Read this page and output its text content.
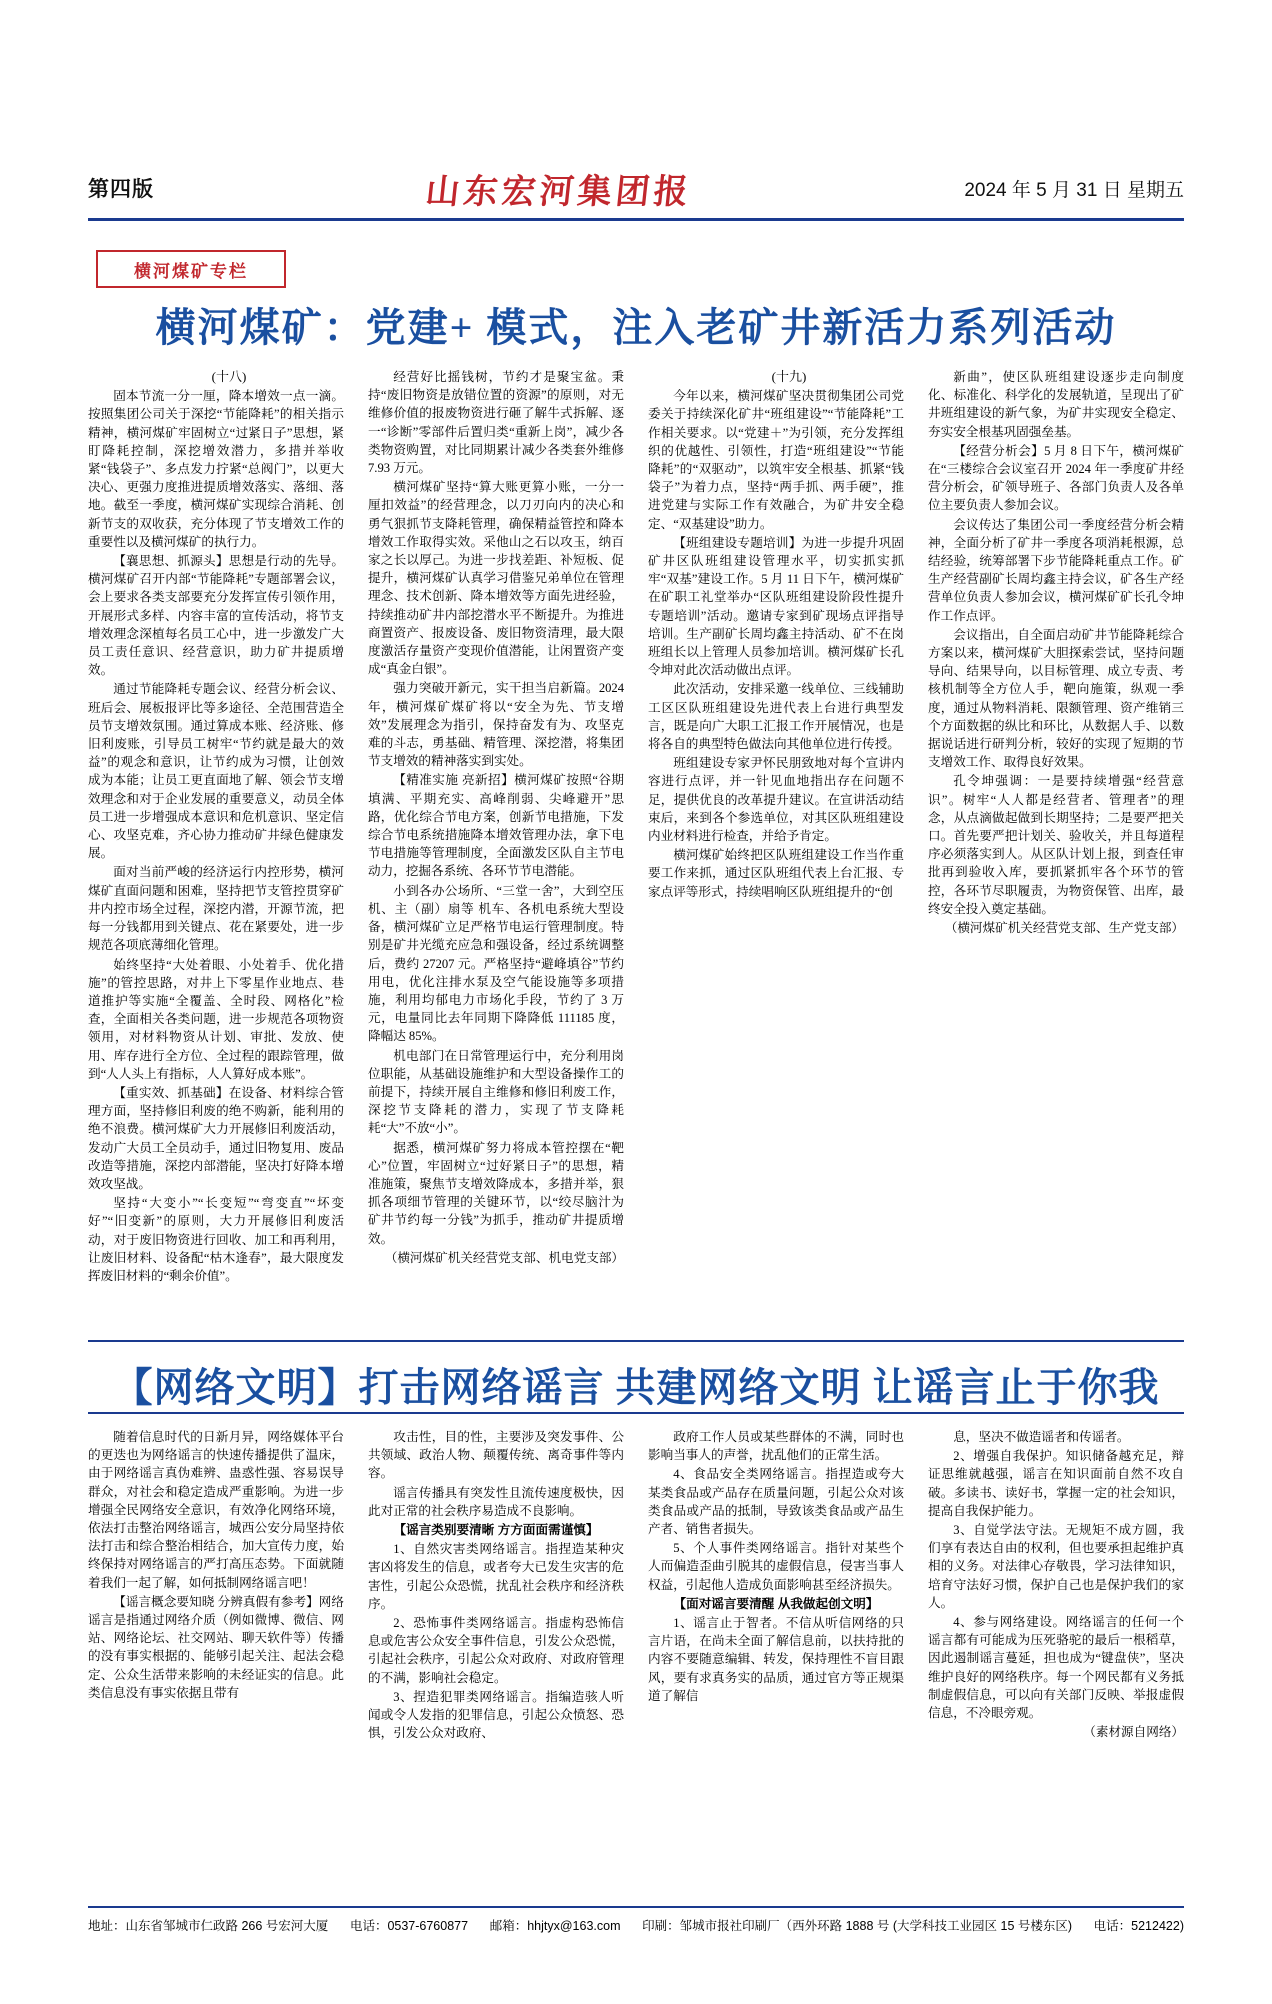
第四版	山东宏河集团报	2024 年 5 月 31 日 星期五
横河煤矿专栏
横河煤矿：党建+ 模式，注入老矿井新活力系列活动

(十八)

固本节流一分一厘，降本增效一点一滴。按照集团公司关于深挖“节能降耗”的相关指示精神，横河煤矿牢固树立“过紧日子”思想，紧盯降耗控制，深挖增效潜力，多措并举收紧“钱袋子”、多点发力拧紧“总阀门”，以更大决心、更强力度推进提质增效落实、落细、落地。截至一季度，横河煤矿实现综合消耗、创新节支的双收获，充分体现了节支增效工作的重要性以及横河煤矿的执行力。

【襄思想、抓源头】思想是行动的先导。横河煤矿召开内部“节能降耗”专题部署会议，会上要求各类支部要充分发挥宣传引领作用，开展形式多样、内容丰富的宣传活动，将节支增效理念深植每名员工心中，进一步激发广大员工责任意识、经营意识，助力矿井提质增效。

通过节能降耗专题会议、经营分析会议、班后会、展板报评比等多途径、全范围营造全员节支增效氛围。通过算成本账、经济账、修旧利废账，引导员工树牢“节约就是最大的效益”的观念和意识，让节约成为习惯，让创效成为本能；让员工更直面地了解、领会节支增效理念和对于企业发展的重要意义，动员全体员工进一步增强成本意识和危机意识、坚定信心、攻坚克难，齐心协力推动矿井绿色健康发展。

面对当前严峻的经济运行内控形势，横河煤矿直面问题和困难，坚持把节支管控贯穿矿井内控市场全过程，深挖内潜，开源节流，把每一分钱都用到关键点、花在紧要处，进一步规范各项底薄细化管理。

始终坚持“大处着眼、小处着手、优化措施”的管控思路，对井上下零星作业地点、巷道推护等实施“全覆盖、全时段、网格化”检查，全面相关各类问题，进一步规范各项物资领用，对材料物资从计划、审批、发放、使用、库存进行全方位、全过程的跟踪管理，做到“人人头上有指标，人人算好成本账”。

【重实效、抓基础】在设备、材料综合管理方面，坚持修旧利废的绝不购新，能利用的绝不浪费。横河煤矿大力开展修旧利废活动，发动广大员工全员动手，通过旧物复用、废品改造等措施，深挖内部潜能，坚决打好降本增效攻坚战。

坚持“大变小”“长变短”“弯变直”“坏变好”“旧变新”的原则，大力开展修旧利废活动，对于废旧物资进行回收、加工和再利用，让废旧材料、设备配“枯木逢春”，最大限度发挥废旧材料的“剩余价值”。

经营好比摇钱树，节约才是聚宝盆。秉持“废旧物资是放错位置的资源”的原则，对无维修价值的报废物资进行砸了解牛式拆解、逐一“诊断”零部件后置归类“重新上岗”，减少各类物资购置，对比同期累计减少各类套外维修 7.93 万元。

横河煤矿坚持“算大账更算小账，一分一厘扣效益”的经营理念，以刀刃向内的决心和勇气狠抓节支降耗管理，确保精益管控和降本增效工作取得实效。采他山之石以攻玉，纳百家之长以厚己。为进一步找差距、补短板、促提升，横河煤矿认真学习借鉴兄弟单位在管理理念、技术创新、降本增效等方面先进经验，持续推动矿井内部挖潜水平不断提升。为推进商置资产、报废设备、废旧物资清理，最大限度激活存量资产变现价值潜能，让闲置资产变成“真金白银”。

强力突破开新元，实干担当启新篇。2024 年，横河煤矿煤矿将以“安全为先、节支增效”发展理念为指引，保持奋发有为、攻坚克难的斗志，勇基础、精管理、深挖潜，将集团节支增效的精神落实到实处。

【精准实施 亮新招】横河煤矿按照“谷期填满、平期充实、高峰削弱、尖峰避开”思路，优化综合节电方案，创新节电措施，下发综合节电系统措施降本增效管理办法，拿下电节电措施等管理制度，全面激发区队自主节电动力，挖掘各系统、各环节节电潜能。

小到各办公场所、“三堂一舍”，大到空压机、主（副）扇等 机车、各机电系统大型设备，横河煤矿立足严格节电运行管理制度。特别是矿井光缆充应急和强设备，经过系统调整后，费约 27207 元。严格坚持“避峰填谷”节约用电，优化注排水泵及空气能设施等多项措施，利用均郁电力市场化手段，节约了 3 万元，电量同比去年同期下降降低 111185 度，降幅达 85%。

机电部门在日常管理运行中，充分利用岗位职能，从基础设施维护和大型设备操作工的前提下，持续开展自主维修和修旧利废工作，深挖节支降耗的潜力，实现了节支降耗耗“大”不放“小”。

据悉，横河煤矿努力将成本管控摆在“靶心”位置，牢固树立“过好紧日子”的思想，精准施策，聚焦节支增效降成本，多措并举，狠抓各项细节管理的关键环节，以“绞尽脑汁为矿井节约每一分钱”为抓手，推动矿井提质增效。

（横河煤矿机关经营党支部、机电党支部）

(十九)

今年以来，横河煤矿坚决贯彻集团公司党委关于持续深化矿井“班组建设”“节能降耗”工作相关要求。以“党建＋”为引领，充分发挥组织的优越性、引领性，打造“班组建设”“节能降耗”的“双驱动”，以筑牢安全根基、抓紧“钱袋子”为着力点，坚持“两手抓、两手硬”，推进党建与实际工作有效融合，为矿井安全稳定、“双基建设”助力。

【班组建设专题培训】为进一步提升巩固矿井区队班组建设管理水平，切实抓实抓牢“双基”建设工作。5 月 11 日下午，横河煤矿在矿职工礼堂举办“区队班组建设阶段性提升专题培训”活动。邀请专家到矿现场点评指导培训。生产副矿长周均鑫主持活动、矿不在岗班组长以上管理人员参加培训。横河煤矿长孔令坤对此次活动做出点评。

此次活动，安排采邀一线单位、三线辅助工区区队班组建设先进代表上台进行典型发言，既是向广大职工汇报工作开展情况，也是将各自的典型特色做法向其他单位进行传授。

班组建设专家尹怀民朋致地对每个宣讲内容进行点评，并一针见血地指出存在问题不足，提供优良的改革提升建议。在宣讲活动结束后，来到各个参选单位，对其区队班组建设内业材料进行检查，并给予肯定。

横河煤矿始终把区队班组建设工作当作重要工作来抓，通过区队班组代表上台汇报、专家点评等形式，持续唱响区队班组提升的“创

新曲”，使区队班组建设逐步走向制度化、标准化、科学化的发展轨道，呈现出了矿井班组建设的新气象，为矿井实现安全稳定、夯实安全根基巩固强垒基。

【经营分析会】5 月 8 日下午，横河煤矿在“三楼综合会议室召开 2024 年一季度矿井经营分析会，矿领导班子、各部门负责人及各单位主要负责人参加会议。

会议传达了集团公司一季度经营分析会精神，全面分析了矿井一季度各项消耗根源，总结经验，统筹部署下步节能降耗重点工作。矿生产经营副矿长周均鑫主持会议，矿各生产经营单位负责人参加会议，横河煤矿矿长孔令坤作工作点评。

会议指出，自全面启动矿井节能降耗综合方案以来，横河煤矿大胆探索尝试，坚持问题导向、结果导向，以目标管理、成立专责、考核机制等全方位人手，靶向施策，纵观一季度，通过从物料消耗、限额管理、资产维销三个方面数据的纵比和环比，从数据人手、以数据说话进行研判分析，较好的实现了短期的节支增效工作、取得良好效果。

孔令坤强调：一是要持续增强“经营意识”。树牢“人人都是经营者、管理者”的理念，从点滴做起做到长期坚持；二是要严把关口。首先要严把计划关、验收关，并且每道程序必须落实到人。从区队计划上报，到查任审批再到验收入库，要抓紧抓牢各个环节的管控，各环节尽职履责，为物资保管、出库，最终安全投入奠定基础。

（横河煤矿机关经营党支部、生产党支部）

【网络文明】打击网络谣言 共建网络文明 让谣言止于你我

随着信息时代的日新月异，网络媒体平台的更迭也为网络谣言的快速传播提供了温床，由于网络谣言真伪难辨、蛊惑性强、容易误导群众，对社会和稳定造成严重影响。为进一步增强全民网络安全意识，有效净化网络环境，依法打击整治网络谣言，城西公安分局坚持依法打击和综合整治相结合，加大宣传力度，始终保持对网络谣言的严打高压态势。下面就随着我们一起了解，如何抵制网络谣言吧！

【谣言概念要知晓 分辨真假有参考】网络谣言是指通过网络介质（例如微博、微信、网站、网络论坛、社交网站、聊天软件等）传播的没有事实根据的、能够引起关注、起法会稳定、公众生活带来影响的未经证实的信息。此类信息没有事实依据且带有

攻击性，目的性，主要涉及突发事件、公共领域、政治人物、颠覆传统、离奇事件等内容。

谣言传播具有突发性且流传速度极快，因此对正常的社会秩序易造成不良影响。

【谣言类别要清晰 方方面面需谨慎】

1、自然灾害类网络谣言。指捏造某种灾害凶将发生的信息，或者夸大已发生灾害的危害性，引起公众恐慌，扰乱社会秩序和经济秩序。

2、恐怖事件类网络谣言。指虚构恐怖信息或危害公众安全事件信息，引发公众恐慌，引起社会秩序，引起公众对政府、对政府管理的不满，影响社会稳定。

3、捏造犯罪类网络谣言。指编造骇人听闻或令人发指的犯罪信息，引起公众愤怒、恐惧，引发公众对政府、

政府工作人员或某些群体的不满，同时也影响当事人的声誉，扰乱他们的正常生活。

4、食品安全类网络谣言。指捏造或夸大某类食品或产品存在质量问题，引起公众对该类食品或产品的抵制，导致该类食品或产品生产者、销售者损失。

5、个人事件类网络谣言。指针对某些个人而偏造歪曲引脱其的虚假信息，侵害当事人权益，引起他人造成负面影响甚至经济损失。

【面对谣言要清醒 从我做起创文明】

1、谣言止于智者。不信从听信网络的只言片语，在尚未全面了解信息前，以扶持批的内容不要随意编辑、转发，保持理性不盲目跟风，要有求真务实的品质，通过官方等正规渠道了解信

息，坚决不做造谣者和传谣者。

2、增强自我保护。知识储备越充足，辩证思维就越强，谣言在知识面前自然不攻自破。多读书、读好书，掌握一定的社会知识，提高自我保护能力。

3、自觉学法守法。无规矩不成方圆，我们享有表达自由的权利，但也要承担起维护真相的义务。对法律心存敬畏，学习法律知识，培育守法好习惯，保护自己也是保护我们的家人。

4、参与网络建设。网络谣言的任何一个谣言都有可能成为压死骆驼的最后一根稻草，因此遏制谣言蔓延，担也成为“键盘侠”，坚决维护良好的网络秩序。每一个网民都有义务抵制虚假信息，可以向有关部门反映、举报虚假信息，不冷眼旁观。

（素材源自网络）

地址：山东省邹城市仁政路 266 号宏河大厦 电话：0537-6760877 邮箱：hhjtyx@163.com 印刷：邹城市报社印刷厂（西外环路 1888 号 (大学科技工业园区 15 号楼东区) 电话：5212422)
